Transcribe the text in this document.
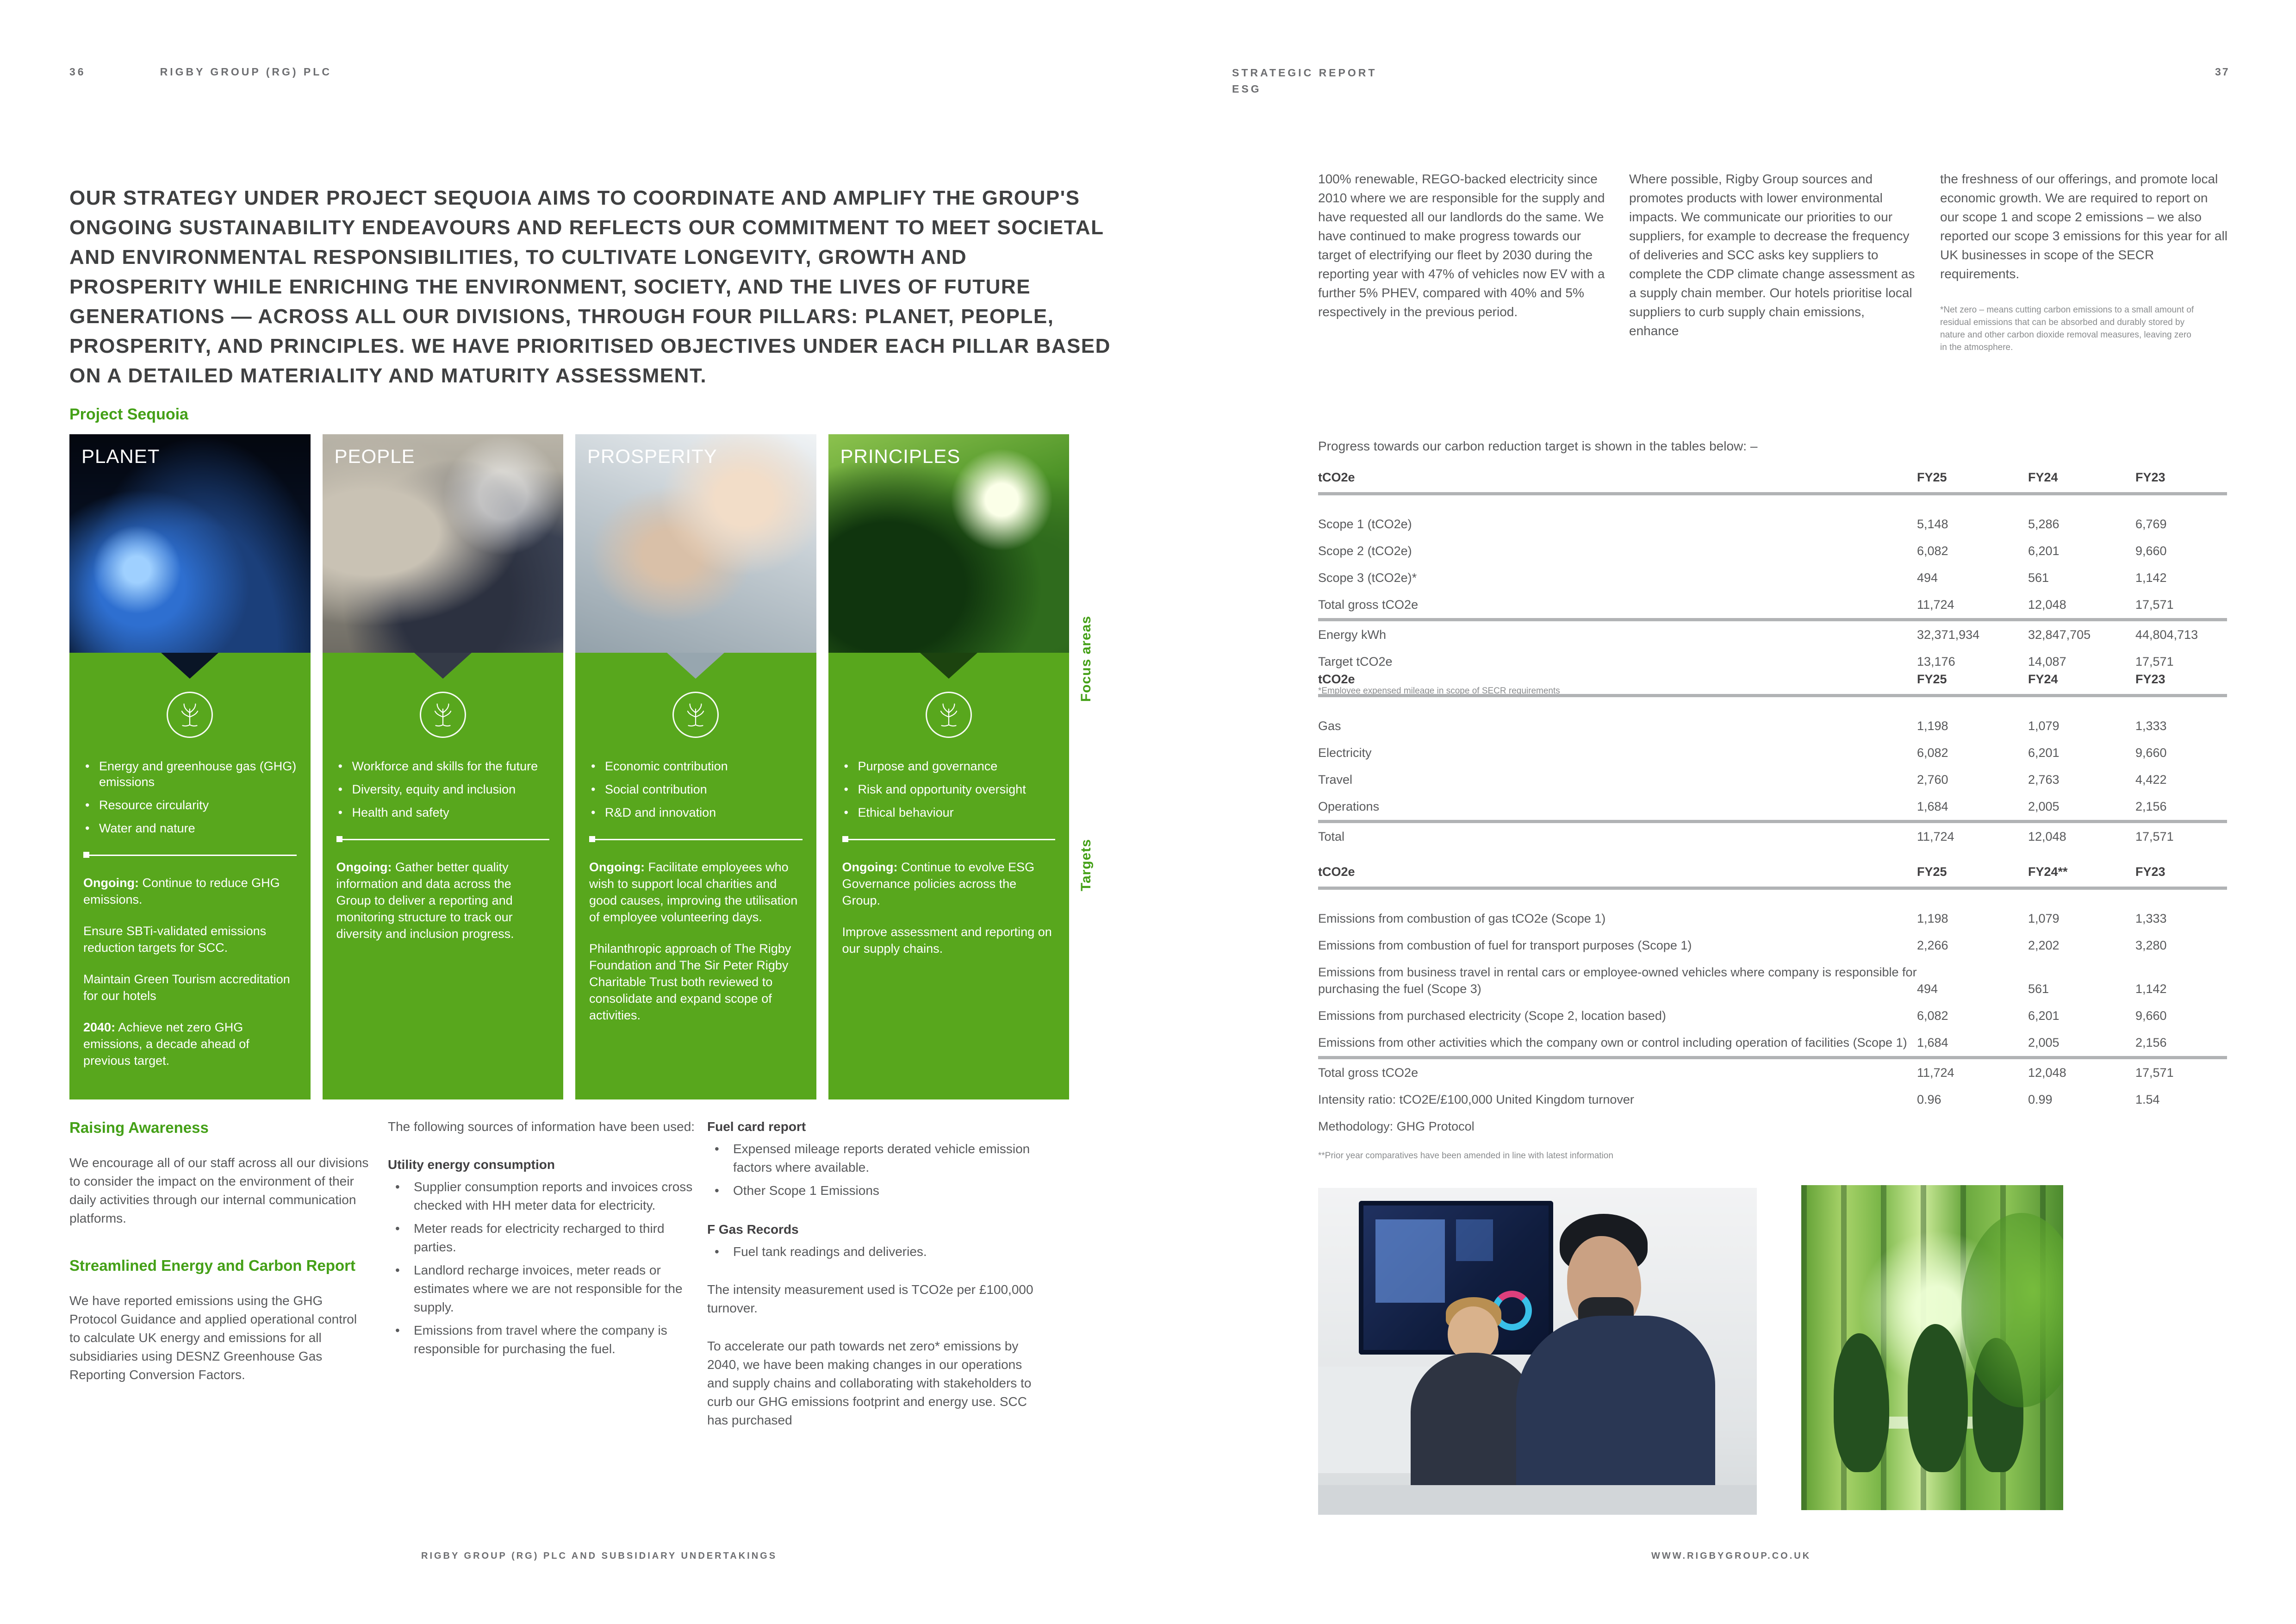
36	RIGBY GROUP (RG) PLC
OUR STRATEGY UNDER PROJECT SEQUOIA AIMS TO COORDINATE AND AMPLIFY THE GROUP'S ONGOING SUSTAINABILITY ENDEAVOURS AND REFLECTS OUR COMMITMENT TO MEET SOCIETAL AND ENVIRONMENTAL RESPONSIBILITIES, TO CULTIVATE LONGEVITY, GROWTH AND PROSPERITY WHILE ENRICHING THE ENVIRONMENT, SOCIETY, AND THE LIVES OF FUTURE GENERATIONS — ACROSS ALL OUR DIVISIONS, THROUGH FOUR PILLARS: PLANET, PEOPLE, PROSPERITY, AND PRINCIPLES. WE HAVE PRIORITISED OBJECTIVES UNDER EACH PILLAR BASED ON A DETAILED MATERIALITY AND MATURITY ASSESSMENT.
Project Sequoia
PLANET
• Energy and greenhouse gas (GHG) emissions
• Resource circularity
• Water and nature

Ongoing: Continue to reduce GHG emissions.

Ensure SBTi-validated emissions reduction targets for SCC.

Maintain Green Tourism accreditation for our hotels

2040: Achieve net zero GHG emissions, a decade ahead of previous target.

PEOPLE
• Workforce and skills for the future
• Diversity, equity and inclusion
• Health and safety

Ongoing: Gather better quality information and data across the Group to deliver a reporting and monitoring structure to track our diversity and inclusion progress.

PROSPERITY
• Economic contribution
• Social contribution
• R&D and innovation

Ongoing: Facilitate employees who wish to support local charities and good causes, improving the utilisation of employee volunteering days.

Philanthropic approach of The Rigby Foundation and The Sir Peter Rigby Charitable Trust both reviewed to consolidate and expand scope of activities.

PRINCIPLES
• Purpose and governance
• Risk and opportunity oversight
• Ethical behaviour

Ongoing: Continue to evolve ESG Governance policies across the Group.

Improve assessment and reporting on our supply chains.

Focus areas
Targets
Raising Awareness

We encourage all of our staff across all our divisions to consider the impact on the environment of their daily activities through our internal communication platforms.

Streamlined Energy and Carbon Report

We have reported emissions using the GHG Protocol Guidance and applied operational control to calculate UK energy and emissions for all subsidiaries using DESNZ Greenhouse Gas Reporting Conversion Factors.

The following sources of information have been used:

Utility energy consumption
• Supplier consumption reports and invoices cross checked with HH meter data for electricity.
• Meter reads for electricity recharged to third parties.
• Landlord recharge invoices, meter reads or estimates where we are not responsible for the supply.
• Emissions from travel where the company is responsible for purchasing the fuel.
Fuel card report
• Expensed mileage reports derated vehicle emission factors where available.
• Other Scope 1 Emissions
F Gas Records
• Fuel tank readings and deliveries.

The intensity measurement used is TCO2e per £100,000 turnover.

To accelerate our path towards net zero* emissions by 2040, we have been making changes in our operations and supply chains and collaborating with stakeholders to curb our GHG emissions footprint and energy use. SCC has purchased

RIGBY GROUP (RG) PLC AND SUBSIDIARY UNDERTAKINGS
STRATEGIC REPORT
ESG
37
100% renewable, REGO-backed electricity since 2010 where we are responsible for the supply and have requested all our landlords do the same. We have continued to make progress towards our target of electrifying our fleet by 2030 during the reporting year with 47% of vehicles now EV with a further 5% PHEV, compared with 40% and 5% respectively in the previous period.
Where possible, Rigby Group sources and promotes products with lower environmental impacts. We communicate our priorities to our suppliers, for example to decrease the frequency of deliveries and SCC asks key suppliers to complete the CDP climate change assessment as a supply chain member. Our hotels prioritise local suppliers to curb supply chain emissions, enhance
the freshness of our offerings, and promote local economic growth. We are required to report on our scope 1 and scope 2 emissions – we also reported our scope 3 emissions for this year for all UK businesses in scope of the SECR requirements.
*Net zero – means cutting carbon emissions to a small amount of residual emissions that can be absorbed and durably stored by nature and other carbon dioxide removal measures, leaving zero in the atmosphere.
Progress towards our carbon reduction target is shown in the tables below: –
tCO2e	FY25	FY24	FY23
Scope 1 (tCO2e)	5,148	5,286	6,769
Scope 2 (tCO2e)	6,082	6,201	9,660
Scope 3 (tCO2e)*	494	561	1,142
Total gross tCO2e	11,724	12,048	17,571
Energy kWh	32,371,934	32,847,705	44,804,713
Target tCO2e	13,176	14,087	17,571
*Employee expensed mileage in scope of SECR requirements
tCO2e	FY25	FY24	FY23
Gas	1,198	1,079	1,333
Electricity	6,082	6,201	9,660
Travel	2,760	2,763	4,422
Operations	1,684	2,005	2,156
Total	11,724	12,048	17,571
tCO2e	FY25	FY24**	FY23
Emissions from combustion of gas tCO2e (Scope 1)	1,198	1,079	1,333
Emissions from combustion of fuel for transport purposes (Scope 1)	2,266	2,202	3,280
Emissions from business travel in rental cars or employee-owned vehicles where company is responsible for purchasing the fuel (Scope 3)	494	561	1,142
Emissions from purchased electricity (Scope 2, location based)	6,082	6,201	9,660
Emissions from other activities which the company own or control including operation of facilities (Scope 1)	1,684	2,005	2,156
Total gross tCO2e	11,724	12,048	17,571
Intensity ratio: tCO2E/£100,000 United Kingdom turnover	0.96	0.99	1.54
Methodology: GHG Protocol			
**Prior year comparatives have been amended in line with latest information
WWW.RIGBYGROUP.CO.UK
